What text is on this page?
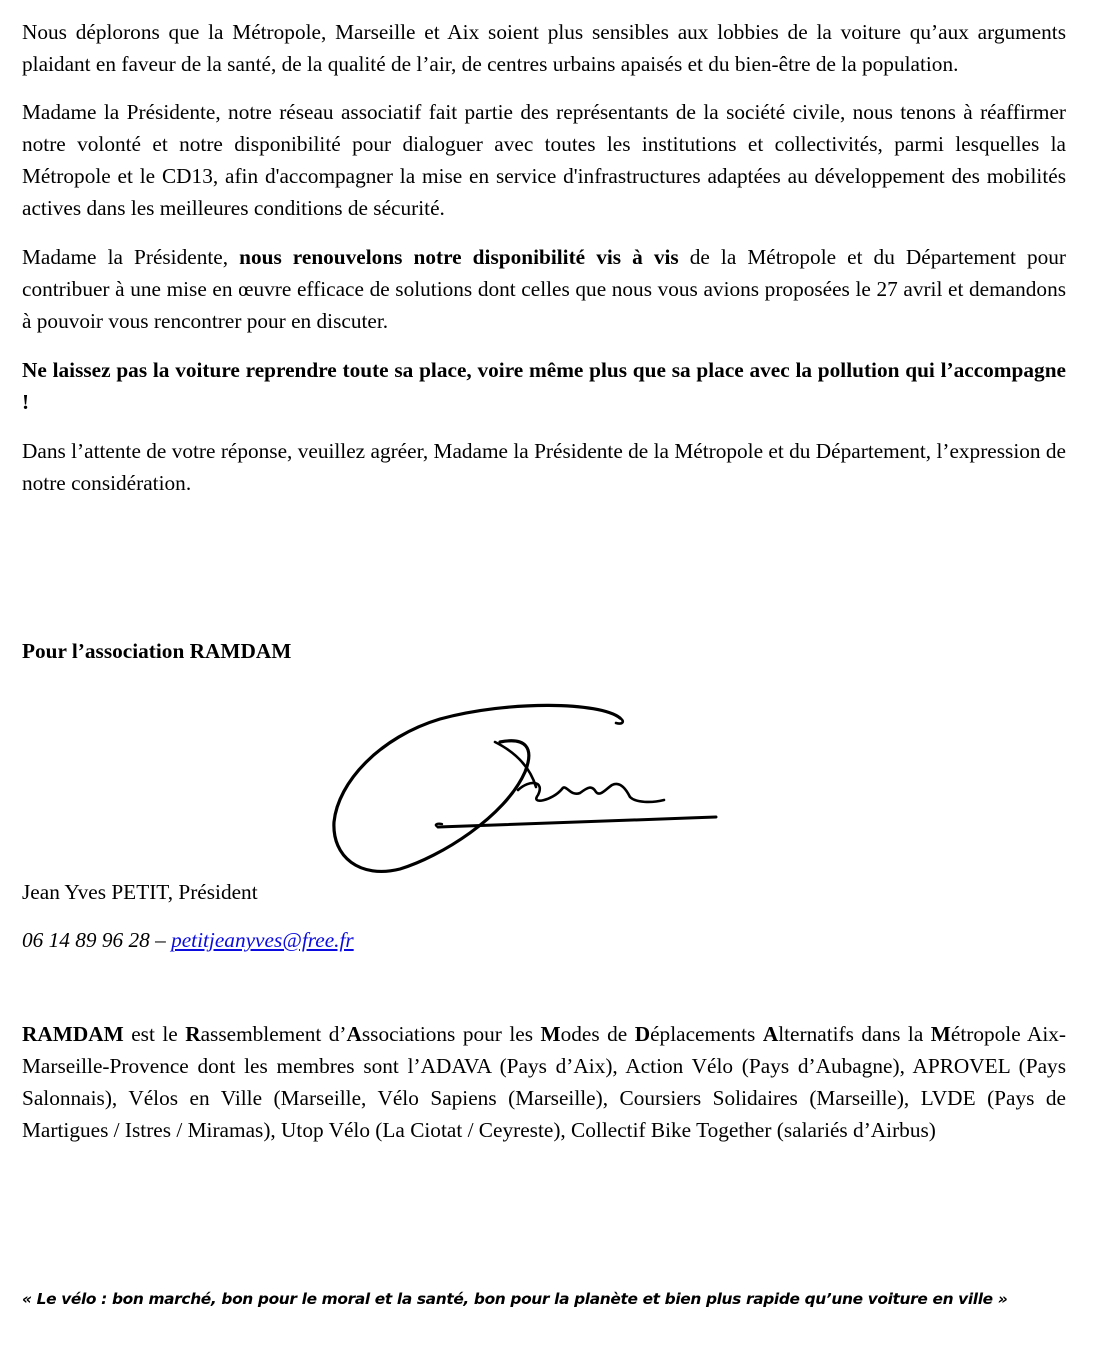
Nous déplorons que la Métropole, Marseille et Aix soient plus sensibles aux lobbies de la voiture qu’aux arguments plaidant en faveur de la santé, de la qualité de l’air, de centres urbains apaisés et du bien-être de la population.

Madame la Présidente, notre réseau associatif fait partie des représentants de la société civile, nous tenons à réaffirmer notre volonté et notre disponibilité pour dialoguer avec toutes les institutions et collectivités, parmi lesquelles la Métropole et le CD13, afin d'accompagner la mise en service d'infrastructures adaptées au développement des mobilités actives dans les meilleures conditions de sécurité.

Madame la Présidente, nous renouvelons notre disponibilité vis à vis de la Métropole et du Département pour contribuer à une mise en œuvre efficace de solutions dont celles que nous vous avions proposées le 27 avril et demandons à pouvoir vous rencontrer pour en discuter.

Ne laissez pas la voiture reprendre toute sa place, voire même plus que sa place avec la pollution qui l’accompagne !

Dans l’attente de votre réponse, veuillez agréer, Madame la Présidente de la Métropole et du Département, l’expression de notre considération.

Pour l’association RAMDAM
Jean Yves PETIT, Président
06 14 89 96 28 – petitjeanyves@free.fr
RAMDAM est le Rassemblement d’Associations pour les Modes de Déplacements Alternatifs dans la Métropole Aix-Marseille-Provence dont les membres sont l’ADAVA (Pays d’Aix), Action Vélo (Pays d’Aubagne), APROVEL (Pays Salonnais), Vélos en Ville (Marseille, Vélo Sapiens (Marseille), Coursiers Solidaires (Marseille), LVDE (Pays de Martigues / Istres / Miramas), Utop Vélo (La Ciotat / Ceyreste), Collectif Bike Together (salariés d’Airbus)
« Le vélo : bon marché, bon pour le moral et la santé, bon pour la planète et bien plus rapide qu’une voiture en ville »
